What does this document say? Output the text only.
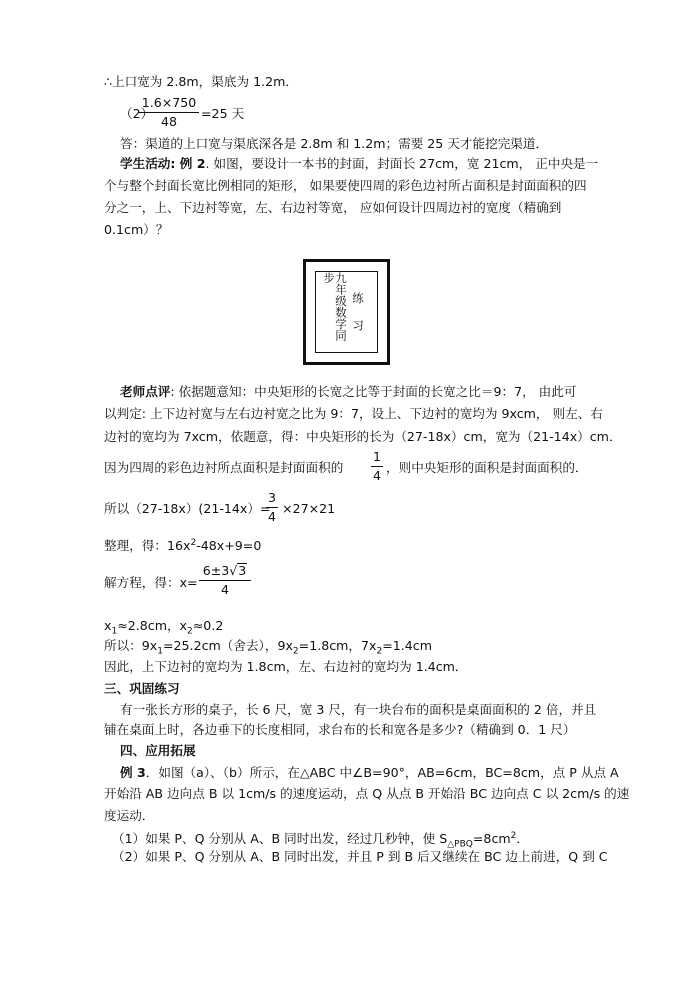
∴上口宽为 2.8m，渠底为 1.2m．
（2）
1.6×750
48
=25 天
答：渠道的上口宽与渠底深各是 2.8m 和 1.2m；需要 25 天才能挖完渠道．
学生活动: 例 2. 如图，要设计一本书的封面，封面长 27cm，宽 21cm， 正中央是一
个与整个封面长宽比例相同的矩形， 如果要使四周的彩色边衬所占面积是封面面积的四
分之一，上、下边衬等宽，左、右边衬等宽， 应如何设计四周边衬的宽度（精确到
0.1cm）？
九年级数学同步
练 习
老师点评: 依据题意知：中央矩形的长宽之比等于封面的长宽之比＝9：7， 由此可
以判定: 上下边衬宽与左右边衬宽之比为 9：7，设上、下边衬的宽均为 9xcm， 则左、右
边衬的宽均为 7xcm，依题意，得：中央矩形的长为（27-18x）cm，宽为（21-14x）cm．
因为四周的彩色边衬所点面积是封面面积的
1
4
，则中央矩形的面积是封面面积的．
所以（27-18x）(21-14x）=
3
4
×27×21
整理，得：$16x^2-48x+9=0$
解方程，得：x=
6±3√3
4
$x_1\approx 2.8cm$，$x_2\approx 0.2$
所以：$9x_1=25.2cm$（舍去），$9x_2=1.8cm$，$7x_2=1.4cm$
因此，上下边衬的宽均为 1.8cm，左、右边衬的宽均为 1.4cm．
三、巩固练习
有一张长方形的桌子，长 6 尺，宽 3 尺，有一块台布的面积是桌面面积的 2 倍，并且
铺在桌面上时，各边垂下的长度相同，求台布的长和宽各是多少?（精确到 0．1 尺）
四、应用拓展
例 3．如图（a）、（b）所示，在△ABC 中∠B=90°，AB=6cm，BC=8cm，点 P 从点 A
开始沿 AB 边向点 B 以 1cm/s 的速度运动，点 Q 从点 B 开始沿 BC 边向点 C 以 2cm/s 的速
度运动．
（1）如果 P、Q 分别从 A、B 同时出发，经过几秒钟，使 $S_{\triangle PBQ}=8cm^2$．
（2）如果 P、Q 分别从 A、B 同时出发，并且 P 到 B 后又继续在 BC 边上前进，Q 到 C
